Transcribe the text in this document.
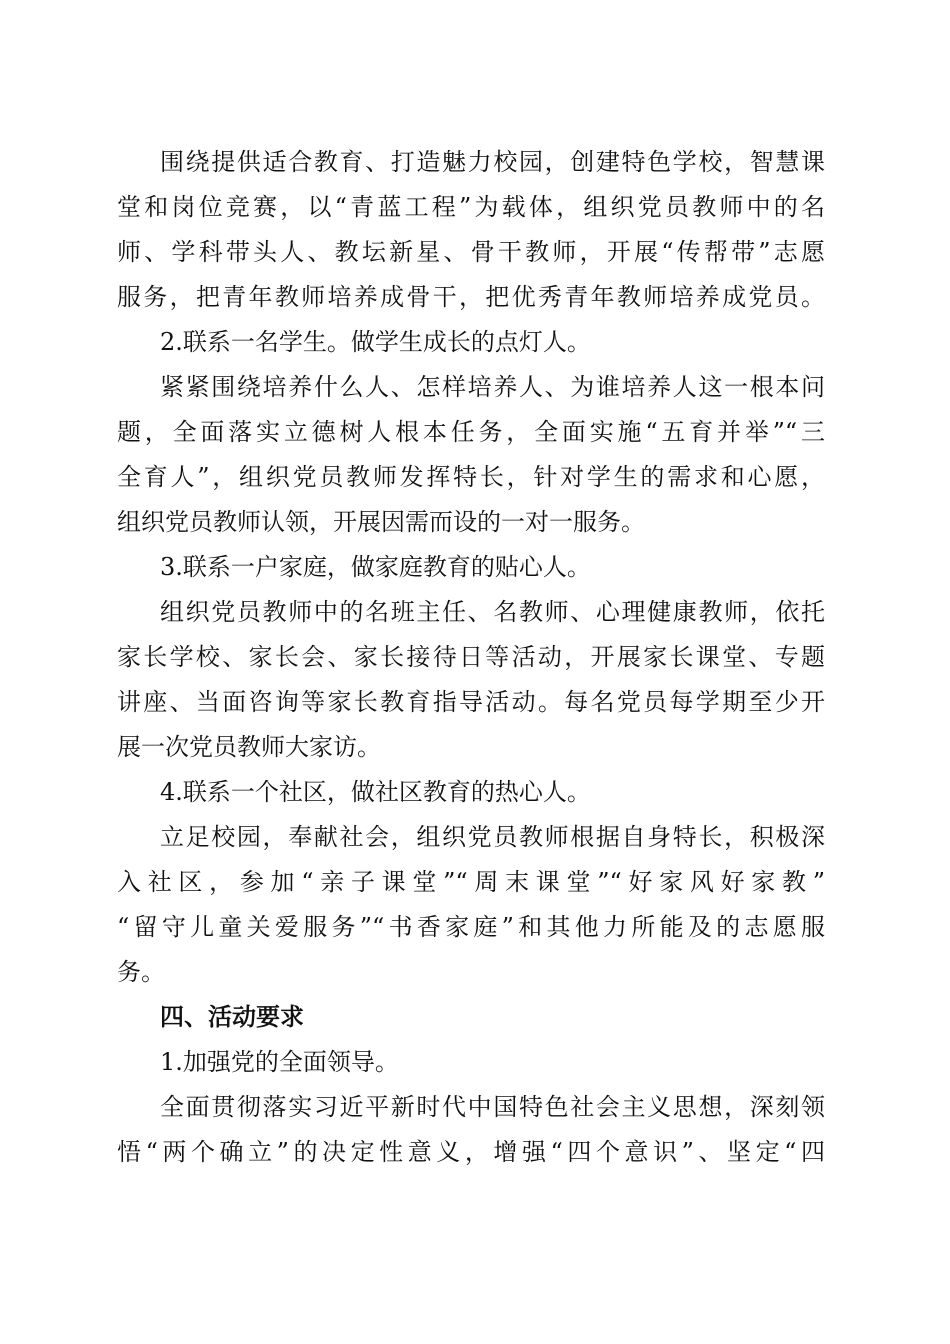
围绕提供适合教育、打造魅力校园，创建特色学校，智慧课
堂和岗位竞赛，以“青蓝工程”为载体，组织党员教师中的名
师、学科带头人、教坛新星、骨干教师，开展“传帮带”志愿
服务，把青年教师培养成骨干，把优秀青年教师培养成党员。
2.联系一名学生。做学生成长的点灯人。
紧紧围绕培养什么人、怎样培养人、为谁培养人这一根本问
题，全面落实立德树人根本任务，全面实施“五育并举”“三
全育人”，组织党员教师发挥特长，针对学生的需求和心愿，
组织党员教师认领，开展因需而设的一对一服务。
3.联系一户家庭，做家庭教育的贴心人。
组织党员教师中的名班主任、名教师、心理健康教师，依托
家长学校、家长会、家长接待日等活动，开展家长课堂、专题
讲座、当面咨询等家长教育指导活动。每名党员每学期至少开
展一次党员教师大家访。
4.联系一个社区，做社区教育的热心人。
立足校园，奉献社会，组织党员教师根据自身特长，积极深
入社区，参加“亲子课堂”“周末课堂”“好家风好家教”
“留守儿童关爱服务”“书香家庭”和其他力所能及的志愿服
务。
四、活动要求
1.加强党的全面领导。
全面贯彻落实习近平新时代中国特色社会主义思想，深刻领
悟“两个确立”的决定性意义，增强“四个意识”、坚定“四
